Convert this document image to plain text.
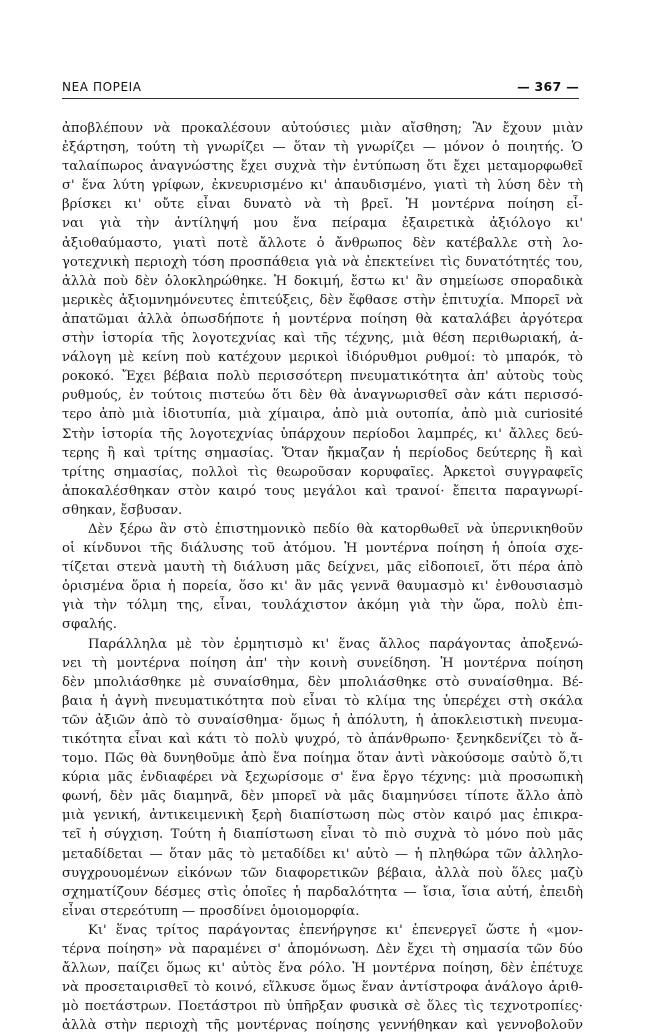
ΝΕΑ ΠΟΡΕΙΑ	— 367 —
ἀποβλέπουν νὰ προκαλέσουν αὐτούσιες μιὰν αἴσθηση; Ἂν ἔχουν μιὰν
ἐξάρτηση, τούτη τὴ γνωρίζει — ὅταν τὴ γνωρίζει — μόνον ὁ ποιητής. Ὁ
ταλαίπωρος ἀναγνώστης ἔχει συχνὰ τὴν ἐντύπωση ὅτι ἔχει μεταμορφωθεῖ
σ' ἕνα λύτη γρίφων, ἐκνευρισμένο κι' ἀπαυδισμένο, γιατὶ τὴ λύση δὲν τὴ
βρίσκει κι' οὔτε εἶναι δυνατὸ νὰ τὴ βρεῖ. Ἡ μοντέρνα ποίηση εἶ-
ναι γιὰ τὴν ἀντίληψή μου ἕνα πείραμα ἐξαιρετικὰ ἀξιόλογο κι'
ἀξιοθαύμαστο, γιατὶ ποτὲ ἄλλοτε ὁ ἄνθρωπος δὲν κατέβαλλε στὴ λο-
γοτεχνικὴ περιοχὴ τόση προσπάθεια γιὰ νὰ ἐπεκτείνει τὶς δυνατότητές του,
ἀλλὰ ποὺ δὲν ὁλοκληρώθηκε. Ἡ δοκιμή, ἔστω κι' ἂν σημείωσε σποραδικὰ
μερικὲς ἀξιομνημόνευτες ἐπιτεύξεις, δὲν ἔφθασε στὴν ἐπιτυχία. Μπορεῖ νὰ
ἀπατῶμαι ἀλλὰ ὁπωσδήποτε ἡ μοντέρνα ποίηση θὰ καταλάβει ἀργότερα
στὴν ἱστορία τῆς λογοτεχνίας καὶ τῆς τέχνης, μιὰ θέση περιθωριακή, ἀ-
νάλογη μὲ κείνη ποὺ κατέχουν μερικοὶ ἰδιόρυθμοι ρυθμοί: τὸ μπαρόκ, τὸ
ροκοκό. Ἔχει βέβαια πολὺ περισσότερη πνευματικότητα ἀπ' αὐτοὺς τοὺς
ρυθμούς, ἐν τούτοις πιστεύω ὅτι δὲν θὰ ἀναγνωρισθεῖ σὰν κάτι περισσό-
τερο ἀπὸ μιὰ ἰδιοτυπία, μιὰ χίμαιρα, ἀπὸ μιὰ ουτοπία, ἀπὸ μιὰ curiosité
Στὴν ἱστορία τῆς λογοτεχνίας ὑπάρχουν περίοδοι λαμπρές, κι' ἄλλες δεύ-
τερης ἢ καὶ τρίτης σημασίας. Ὅταν ἤκμαζαν ἡ περίοδος δεύτερης ἢ καὶ
τρίτης σημασίας, πολλοὶ τὶς θεωροῦσαν κορυφαῖες. Ἀρκετοὶ συγγραφεῖς
ἀποκαλέσθηκαν στὸν καιρό τους μεγάλοι καὶ τρανοί· ἔπειτα παραγνωρί-
σθηκαν, ἔσβυσαν.
Δὲν ξέρω ἂν στὸ ἐπιστημονικὸ πεδίο θὰ κατορθωθεῖ νὰ ὑπερνικηθοῦν
οἱ κίνδυνοι τῆς διάλυσης τοῦ ἀτόμου. Ἡ μοντέρνα ποίηση ἡ ὁποία σχε-
τίζεται στενὰ μαυτὴ τὴ διάλυση μᾶς δείχνει, μᾶς εἰδοποιεῖ, ὅτι πέρα ἀπὸ
ὁρισμένα ὅρια ἡ πορεία, ὅσο κι' ἂν μᾶς γεννᾶ θαυμασμὸ κι' ἐνθουσιασμὸ
γιὰ τὴν τόλμη της, εἶναι, τουλάχιστον ἀκόμη γιὰ τὴν ὥρα, πολὺ ἐπι-
σφαλής.
Παράλληλα μὲ τὸν ἐρμητισμὸ κι' ἕνας ἄλλος παράγοντας ἀποξενώ-
νει τὴ μοντέρνα ποίηση ἀπ' τὴν κοινὴ συνείδηση. Ἡ μοντέρνα ποίηση
δὲν μπολιάσθηκε μὲ συναίσθημα, δὲν μπολιάσθηκε στὸ συναίσθημα. Βέ-
βαια ἡ ἁγνὴ πνευματικότητα ποὺ εἶναι τὸ κλίμα της ὑπερέχει στὴ σκάλα
τῶν ἀξιῶν ἀπὸ τὸ συναίσθημα· ὅμως ἡ ἀπόλυτη, ἡ ἀποκλειστικὴ πνευμα-
τικότητα εἶναι καὶ κάτι τὸ πολὺ ψυχρό, τὸ ἀπάνθρωπο· ξενηκδενίζει τὸ ἄ-
τομο. Πῶς θὰ δυνηθοῦμε ἀπὸ ἕνα ποίημα ὅταν ἀντὶ νὰκούσομε σαὐτὸ ὅ,τι
κύρια μᾶς ἐνδιαφέρει νὰ ξεχωρίσομε σ' ἕνα ἔργο τέχνης: μιὰ προσωπικὴ
φωνή, δὲν μᾶς διαμηνᾶ, δὲν μπορεῖ νὰ μᾶς διαμηνύσει τίποτε ἄλλο ἀπὸ
μιὰ γενική, ἀντικειμενικὴ ξερὴ διαπίστωση πὼς στὸν καιρό μας ἐπικρα-
τεῖ ἡ σύγχιση. Τούτη ἡ διαπίστωση εἶναι τὸ πιὸ συχνὰ τὸ μόνο ποὺ μᾶς
μεταδίδεται — ὅταν μᾶς τὸ μεταδίδει κι' αὐτὸ — ἡ πληθώρα τῶν ἀλληλο-
συγχρουομένων εἰκόνων τῶν διαφορετικῶν βέβαια, ἀλλὰ ποὺ ὅλες μαζὺ
σχηματίζουν δέσμες στὶς ὁποῖες ἡ παρδαλότητα — ἴσια, ἴσια αὐτή, ἐπειδὴ
εἶναι στερεότυπη — προσδίνει ὁμοιομορφία.
Κι' ἕνας τρίτος παράγοντας ἐπενήργησε κι' ἐπενεργεῖ ὥστε ἡ «μον-
τέρνα ποίηση» νὰ παραμένει σ' ἀπομόνωση. Δὲν ἔχει τὴ σημασία τῶν δύο
ἄλλων, παίζει ὅμως κι' αὐτὸς ἕνα ρόλο. Ἡ μοντέρνα ποίηση, δὲν ἐπέτυχε
νὰ προσεταιρισθεῖ τὸ κοινό, εἵλκυσε ὅμως ἕναν ἀντίστροφα ἀνάλογο ἀριθ-
μὸ ποετάστρων. Ποετάστροι πὺ ὑπῆρξαν φυσικὰ σὲ ὅλες τὶς τεχνοτροπίες·
ἀλλὰ στὴν περιοχὴ τῆς μοντέρνας ποίησης γεννήθηκαν καὶ γεννοβολοῦν
